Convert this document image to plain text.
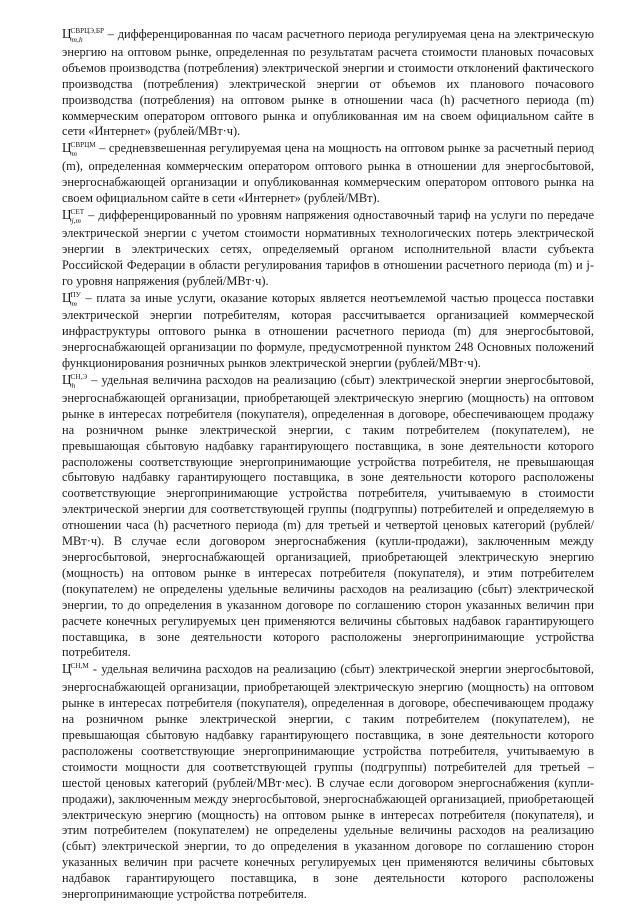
$Ц^{СВРЦЭ,БР}$
m,h – дифференцированная по часам расчетного периода регулируемая цена на электрическую энергию на оптовом рынке, определенная по результатам расчета стоимости плановых почасовых объемов производства (потребления) электрической энергии и стоимости отклонений фактического производства (потребления) электрической энергии от объемов их планового почасового производства (потребления) на оптовом рынке в отношении часа (h) расчетного периода (m) коммерческим оператором оптового рынка и опубликованная им на своем официальном сайте в сети «Интернет» (рублей/МВт·ч).

$Ц^{СВРЦМ}$
m – средневзвешенная регулируемая цена на мощность на оптовом рынке за расчетный период (m), определенная коммерческим оператором оптового рынка в отношении для энергосбытовой, энергоснабжающей организации и опубликованная коммерческим оператором оптового рынка на своем официальном сайте в сети «Интернет» (рублей/МВт).

$Ц^{СЕТ}$
j,m – дифференцированный по уровням напряжения одноставочный тариф на услуги по передаче электрической энергии с учетом стоимости нормативных технологических потерь электрической энергии в электрических сетях, определяемый органом исполнительной власти субъекта Российской Федерации в области регулирования тарифов в отношении расчетного периода (m) и j-го уровня напряжения (рублей/МВт·ч).

$Ц^{ПУ}$
m – плата за иные услуги, оказание которых является неотъемлемой частью процесса поставки электрической энергии потребителям, которая рассчитывается организацией коммерческой инфраструктуры оптового рынка в отношении расчетного периода (m) для энергосбытовой, энергоснабжающей организации по формуле, предусмотренной пунктом 248 Основных положений функционирования розничных рынков электрической энергии (рублей/МВт·ч).

$Ц^{СН,Э}$
h – удельная величина расходов на реализацию (сбыт) электрической энергии энергосбытовой, энергоснабжающей организации, приобретающей электрическую энергию (мощность) на оптовом рынке в интересах потребителя (покупателя), определенная в договоре, обеспечивающем продажу на розничном рынке электрической энергии, с таким потребителем (покупателем), не превышающая сбытовую надбавку гарантирующего поставщика, в зоне деятельности которого расположены соответствующие энергопринимающие устройства потребителя, не превышающая сбытовую надбавку гарантирующего поставщика, в зоне деятельности которого расположены соответствующие энергопринимающие устройства потребителя, учитываемую в стоимости электрической энергии для соответствующей группы (подгруппы) потребителей и определяемую в отношении часа (h) расчетного периода (m) для третьей и четвертой ценовых категорий (рублей/МВт·ч). В случае если договором энергоснабжения (купли-продажи), заключенным между энергосбытовой, энергоснабжающей организацией, приобретающей электрическую энергию (мощность) на оптовом рынке в интересах потребителя (покупателя), и этим потребителем (покупателем) не определены удельные величины расходов на реализацию (сбыт) электрической энергии, то до определения в указанном договоре по соглашению сторон указанных величин при расчете конечных регулируемых цен применяются величины сбытовых надбавок гарантирующего поставщика, в зоне деятельности которого расположены энергопринимающие устройства потребителя.

$Ц^{СН,М}$
- удельная величина расходов на реализацию (сбыт) электрической энергии энергосбытовой, энергоснабжающей организации, приобретающей электрическую энергию (мощность) на оптовом рынке в интересах потребителя (покупателя), определенная в договоре, обеспечивающем продажу на розничном рынке электрической энергии, с таким потребителем (покупателем), не превышающая сбытовую надбавку гарантирующего поставщика, в зоне деятельности которого расположены соответствующие энергопринимающие устройства потребителя, учитываемую в стоимости мощности для соответствующей группы (подгруппы) потребителей для третьей – шестой ценовых категорий (рублей/МВт·мес). В случае если договором энергоснабжения (купли-продажи), заключенным между энергосбытовой, энергоснабжающей организацией, приобретающей электрическую энергию (мощность) на оптовом рынке в интересах потребителя (покупателя), и этим потребителем (покупателем) не определены удельные величины расходов на реализацию (сбыт) электрической энергии, то до определения в указанном договоре по соглашению сторон указанных величин при расчете конечных регулируемых цен применяются величины сбытовых надбавок гарантирующего поставщика, в зоне деятельности которого расположены энергопринимающие устройства потребителя.
